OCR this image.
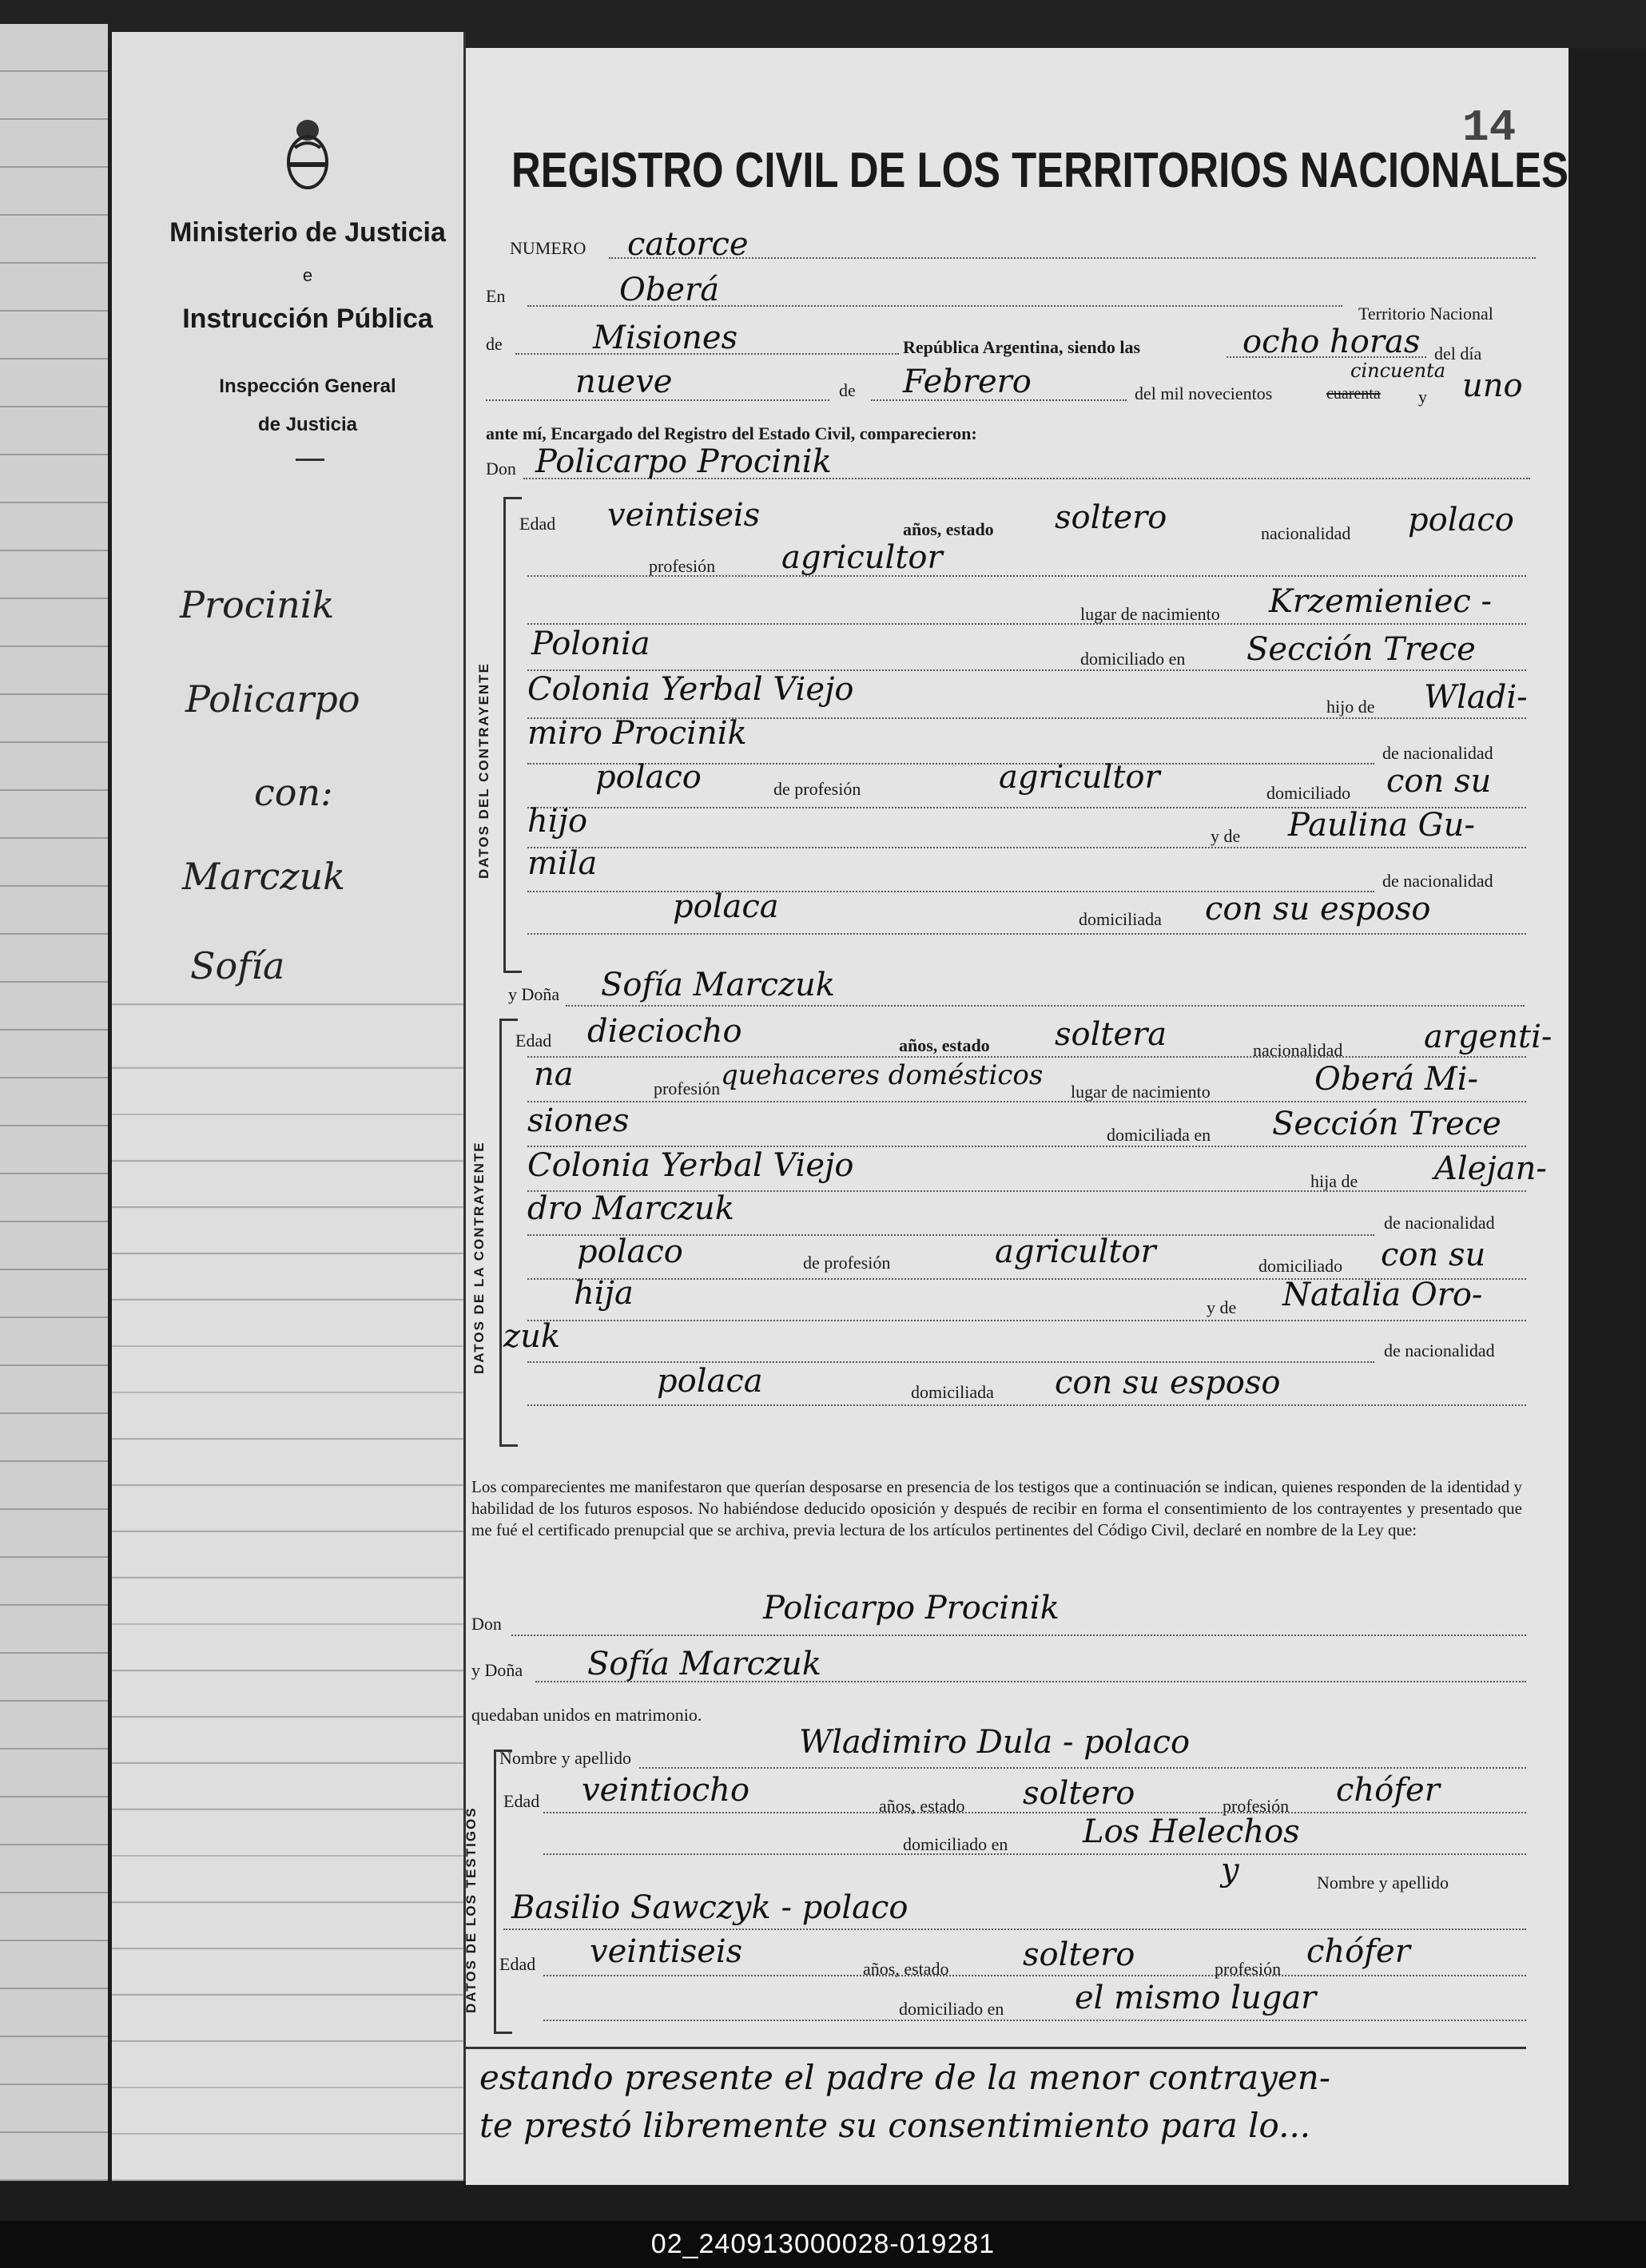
Ministerio de Justicia
e
Instrucción Pública
Inspección General
de Justicia
Procinik
Policarpo
con:
Marczuk
Sofía
14
REGISTRO CIVIL DE LOS TERRITORIOS NACIONALES
NUMERO catorce
En	Oberá
Territorio Nacional
de	Misiones	República Argentina, siendo las	ocho horas del día
nueve	de Febrero	del mil novecientos
cincuenta
cuarenta y uno
ante mí, Encargado del Registro del Estado Civil, comparecieron:
Don Policarpo Procinik
DATOS DEL CONTRAYENTE
Edad veintiseis	años, estado soltero	nacionalidad polaco
profesión agricultor
lugar de nacimiento Krzemieniec -
Polonia	domiciliado en Sección Trece
Colonia Yerbal Viejo	hijo de Wladi-
miro Procinik
de nacionalidad
polaco	de profesión	agricultor	domiciliado con su
hijo	y de Paulina Gu-
mila	de nacionalidad
polaca	domiciliada con su esposo
y Doña Sofía Marczuk
DATOS DE LA CONTRAYENTE
Edad dieciocho	años, estado soltera	nacionalidad	argenti-
na	profesión quehaceres domésticos
lugar de nacimiento	Oberá Mi-
siones	domiciliada en Sección Trece
Colonia Yerbal Viejo	hija de Alejan-
dro Marczuk	de nacionalidad
polaco	de profesión	agricultor	domiciliado con su
hija	y de Natalia Oro-
zuk	de nacionalidad
polaca	domiciliada con su esposo
Los comparecientes me manifestaron que querían desposarse en presencia de los testigos que a continuación se indican, quienes responden de la identidad y habilidad de los futuros esposos. No habiéndose deducido oposición y después de recibir en forma el consentimiento de los contrayentes y presentado que me fué el certificado prenupcial que se archiva, previa lectura de los artículos pertinentes del Código Civil, declaré en nombre de la Ley que:
Don	Policarpo Procinik
y Doña Sofía Marczuk
quedaban unidos en matrimonio.
DATOS DE LOS TESTIGOS
Nombre y apellido	Wladimiro Dula - polaco
Edad veintiocho	años, estado soltero	profesión chófer
domiciliado en Los Helechos
y	Nombre y apellido
Basilio Sawczyk - polaco
Edad veintiseis	años, estado soltero	profesión chófer
domiciliado en el mismo lugar
estando presente el padre de la menor contrayen-
te prestó libremente su consentimiento para lo...
02_240913000028-019281
